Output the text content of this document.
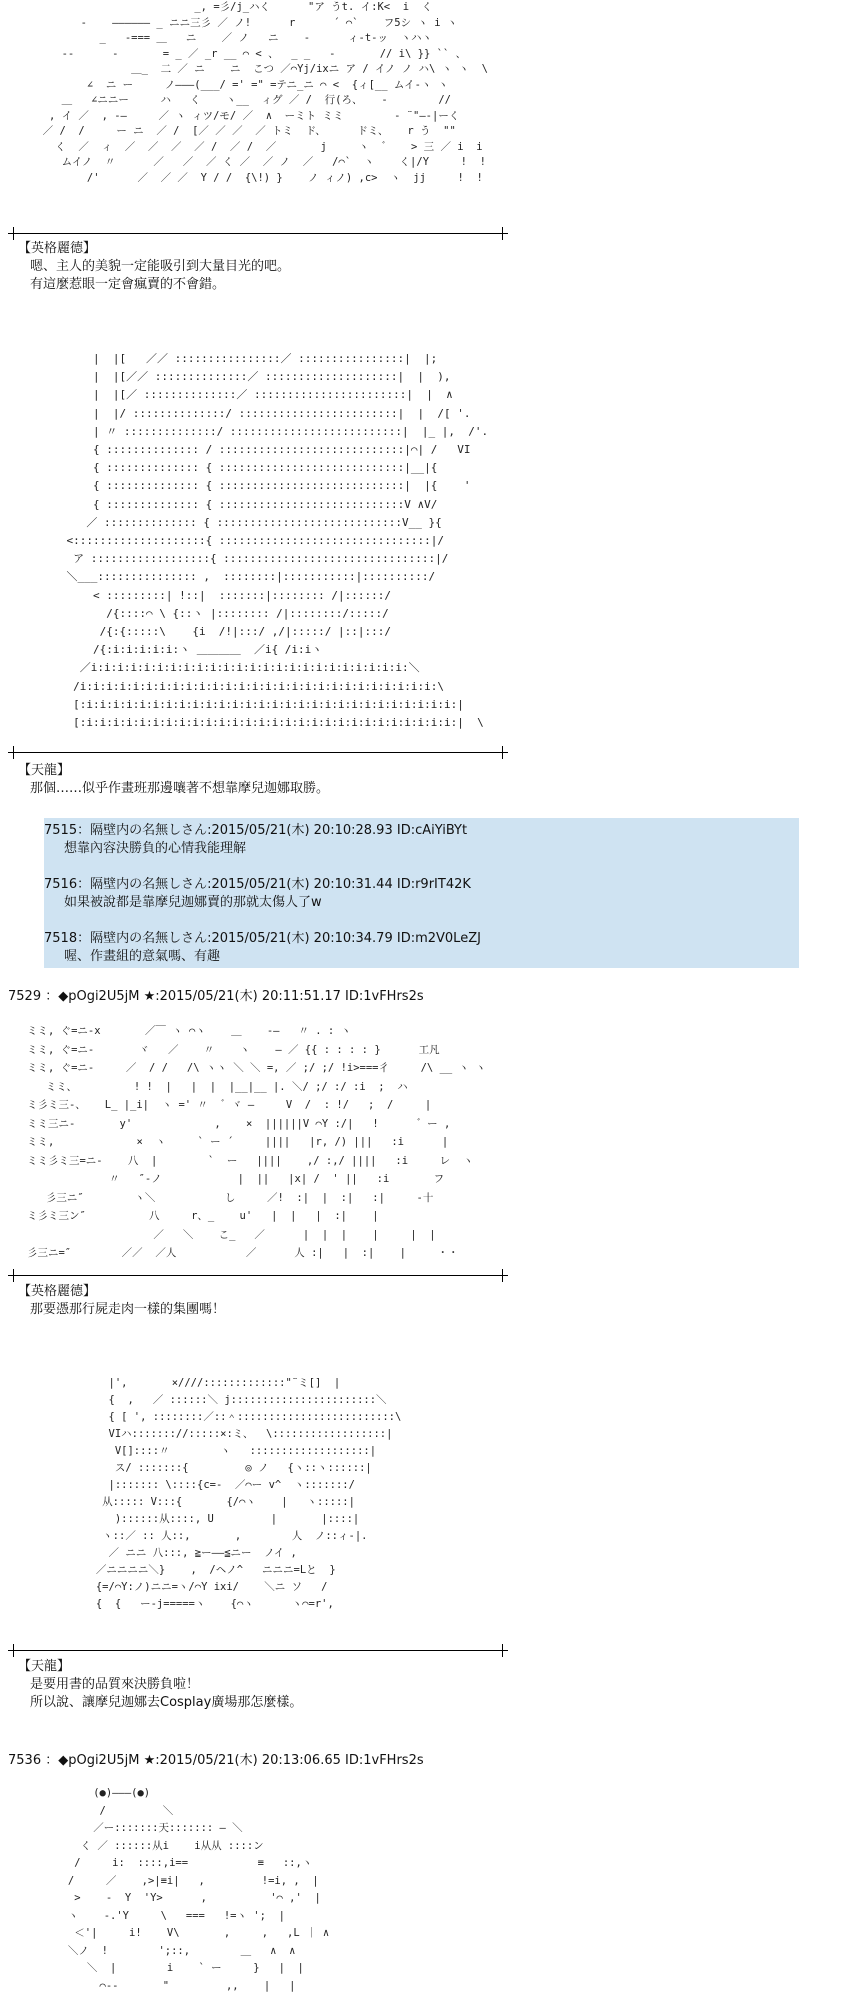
_, =彡/j_ハく      "ア うt. イ:K<  i  く
-    ―――――― _ ニニ三彡 ／ ノ!      r      ´ ⌒`    フ5シ ヽ i ヽ
_   -=== ＿   ニ    ／ ノ   ニ    -      ィ-t-ッ  ヽハヽ
--      -       = _ ／ _r __ ⌒ < 、  _ _   -       // i\ }} `` 、
＿_  二 ／ ニ    ニ  こつ ／⌒Yj/ixニ ア / イノ ノ ハ\ ヽ ヽ  \
∠  ニ ー     ノ―――(___/ =' =" =テニ_ニ ⌒ <  {ィ[__ ムイ-ヽ ヽ
＿   ∠ニニー     ハ   く    ヽ__  ィグ ／ /  行(ろ、   -        //
, イ ／  , -―     ／ ヽ ィツ/モ/ ／  ∧  ーミト ミミ        ‐ ¨"―‐|ーく
／ /  /     ー ニ  ／ /  [／ ／ ／  ／ トミ  ド、     ドミ、   r う  ""
く  ／  ィ  ／  ／  ／  ／ /  ／ /  ／       j     ヽ  ゛   > 三 ／ i  i
ムイノ  〃      ／   ／  ／ く ／  ／ ノ  ／   /⌒`  ヽ    く|/Y     !  !
/'      ／  ／ ／  Y / /  {\!) }    ノ ィノ) ,c>  ヽ  jj     !  !
【英格麗德】
嗯、主人的美貌一定能吸引到大量目光的吧。
有這麼惹眼一定會瘋賣的不會錯。
|  |[   ／／ ::::::::::::::::／ ::::::::::::::::|  |;
|  |[／／ ::::::::::::::／ ::::::::::::::::::::|  |  ),
|  |[／ ::::::::::::::／ :::::::::::::::::::::::|  |  ∧
|  |/ ::::::::::::::/ ::::::::::::::::::::::::|  |  /[ '.
| 〃 ::::::::::::::/ ::::::::::::::::::::::::::|  |_ |,  /'.
{ :::::::::::::: / ::::::::::::::::::::::::::::|⌒| /   VI
{ :::::::::::::: { ::::::::::::::::::::::::::::|__|{
{ :::::::::::::: { ::::::::::::::::::::::::::::|  |{    '
{ :::::::::::::: { ::::::::::::::::::::::::::::V ∧V/
／ :::::::::::::: { ::::::::::::::::::::::::::::V__ }{
<::::::::::::::::::::{ ::::::::::::::::::::::::::::::::|/
ア ::::::::::::::::::{ ::::::::::::::::::::::::::::::::|/
＼___::::::::::::::: ,  ::::::::|:::::::::::|::::::::::/
< :::::::::| !::|  :::::::|:::::::: /|::::::/
/{::::⌒ \ {::ヽ |:::::::: /|::::::::/:::::/
/{:{:::::\    {i  /!|:::/ ,/|:::::/ |::|:::/
/{:i:i:i:i:i:ヽ ＿＿＿＿  ／i{ /i:iヽ
／i:i:i:i:i:i:i:i:i:i:i:i:i:i:i:i:i:i:i:i:i:i:i:i:＼
/i:i:i:i:i:i:i:i:i:i:i:i:i:i:i:i:i:i:i:i:i:i:i:i:i:i:i:\
[:i:i:i:i:i:i:i:i:i:i:i:i:i:i:i:i:i:i:i:i:i:i:i:i:i:i:i:i:|
[:i:i:i:i:i:i:i:i:i:i:i:i:i:i:i:i:i:i:i:i:i:i:i:i:i:i:i:i:|  \
【天龍】
那個……似乎作畫班那邊嚷著不想靠摩兒迦娜取勝。
7515：隔壁内の名無しさん:2015/05/21(木) 20:10:28.93 ID:cAiYiBYt
想靠內容決勝負的心情我能理解
7516：隔壁内の名無しさん:2015/05/21(木) 20:10:31.44 ID:r9rIT42K
如果被說都是靠摩兒迦娜賣的那就太傷人了w
7518：隔壁内の名無しさん:2015/05/21(木) 20:10:34.79 ID:m2V0LeZJ
喔、作畫組的意氣嗎、有趣
7529 ：◆pOgi2U5jM ★:2015/05/21(木) 20:11:51.17 ID:1vFHrs2s
ミミ, ぐ=ニ-x       ／￣ ヽ ⌒ヽ    ＿    -―   〃 . : ヽ
ミミ, ぐ=ニ-       ヾ   ／    〃    ヽ    ― ／ {{ : : : : }      工凡
ミミ, ぐ=ニ-     ／  / /   /\ ヽヽ ＼ ＼ =, ／ ;/ ;/ !i>===彳     /\ __ ヽ ヽ
ミミ、         ! !  |   |  |  |__|__ |. ＼/ ;/ :/ :i  ;  ハ
ミ彡ミ三-、   L_ |_i|  ヽ =' 〃  ゛ヾ ―     V  /  : !/   ;  /     |
ミミ三ニ-       y'             ,    ×  ||||||V ⌒Y :/|   !      ゛ー ,
ミミ,             ×  ヽ     ` ー ´     ||||   |r, /) |||   :i      |
ミミ彡ミ三=ニ-    八  |        `  ー   ||||    ,/ :,/ ||||   :i     レ  ヽ
〃   ″‐ノ            |  ||   |x| /  ' ||   :i       フ
彡三ニ″        ヽ＼           し     ／!  :|  |  :|   :|     -十
ミ彡ミ三ン″          八     r、_    u'   |  |   |  :|    |
／   ＼    こ_   ／      |  |  |    |     |  |
彡三ニ=″        ／／  ／人           ／      人 :|   |  :|    |     ・・
【英格麗德】
那要憑那行屍走肉一樣的集團嗎！
|',       ×////:::::::::::::"¨ミ[]  |
{  ,   ／ ::::::＼ j:::::::::::::::::::::::＼
{ [ ', ::::::::／::＾:::::::::::::::::::::::::\
VIハ::::::://:::::×:ミ、  \::::::::::::::::::|
V[]::::〃        ヽ   :::::::::::::::::::|
ス/ :::::::{         ◎ ノ   {ヽ::ヽ::::::|
|::::::: \::::{c=-  ／⌒ー v^  ヽ:::::::/
从::::: V:::{       {/⌒ヽ    |   ヽ:::::|
)::::::从::::, U         |       |::::|
ヽ::／ :: 人::,       ,        人  ノ::ィ-|.
／ ニニ 八:::, ≧ー――≦ニー  ノイ ,
／ニニニニ＼}    ,  /ヘノ^   ニニニ=Lと  }
{=/⌒Y:ノ)ニニ=ヽ/⌒Y ixi/    ＼ニ ソ   /
{  {   ー-j=====ヽ    {⌒ヽ      ヽ⌒=r',
【天龍】
是要用書的品質來決勝負啦！
所以說、讓摩兒迦娜去Cosplay廣場那怎麼樣。
7536 ：◆pOgi2U5jM ★:2015/05/21(木) 20:13:06.65 ID:1vFHrs2s
(●)―――(●)
/         ＼
／ー:::::::天::::::: ― ＼
く ／ ::::::从i    i从从 ::::ン
/     i:  ::::,i==           ≡   ::,ヽ
/     ／    ,>|≡i|   ,         !=i, ,  |
>    -  Y  'Y>      ,          '⌒ ,'  |
ヽ    -.'Y     \   ===   !=ヽ ';  |
＜'|     i!    V\       ,     ,   ,L ｜ ∧
＼ノ  !        ';::,        ＿   ∧  ∧
＼  |        i    ` ー     }   |  |
⌒--       "         ,,    |   |
